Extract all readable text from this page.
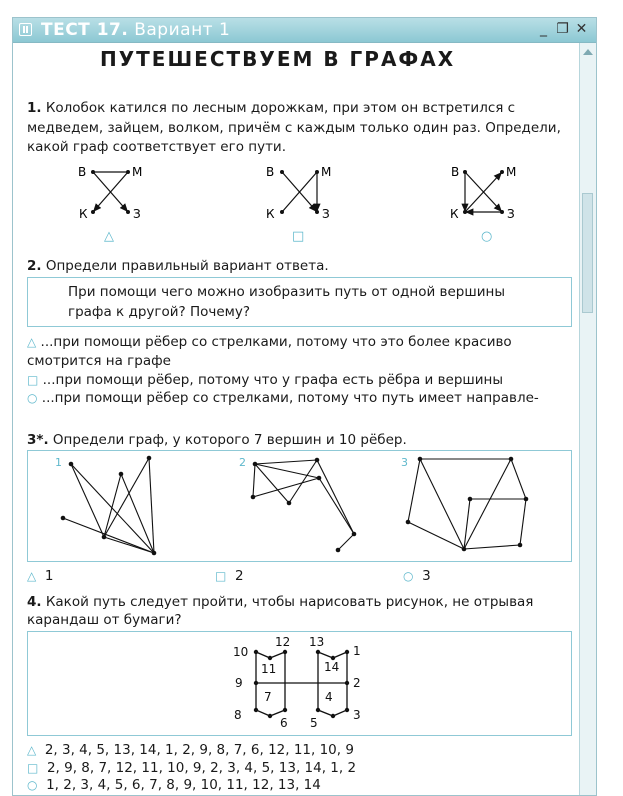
ТЕСТ 17. Вариант 1	_ ❐ ✕
ПУТЕШЕСТВУЕМ В ГРАФАХ
1. Колобок катился по лесным дорожкам, при этом он встретился с
медведем, зайцем, волком, причём с каждым только один раз. Определи,
какой граф соответствует его пути.
В	М
К	З
△
В	М
К	З
□
В	М
К	З
○
2. Определи правильный вариант ответа.
При помощи чего можно изобразить путь от одной вершины
графа к другой? Почему?
△ ...при помощи рёбер со стрелками, потому что это более красиво
смотрится на графе
□ ...при помощи рёбер, потому что у графа есть рёбра и вершины
○ ...при помощи рёбер со стрелками, потому что путь имеет направле-
3*. Определи граф, у которого 7 вершин и 10 рёбер.
1	2	3
△ 1	□ 2	○ 3
4. Какой путь следует пройти, чтобы нарисовать рисунок, не отрывая
карандаш от бумаги?
1
2
3
4
5
6
7
8
9
10
11
12 13
14
△ 2, 3, 4, 5, 13, 14, 1, 2, 9, 8, 7, 6, 12, 11, 10, 9
□ 2, 9, 8, 7, 12, 11, 10, 9, 2, 3, 4, 5, 13, 14, 1, 2
○ 1, 2, 3, 4, 5, 6, 7, 8, 9, 10, 11, 12, 13, 14
